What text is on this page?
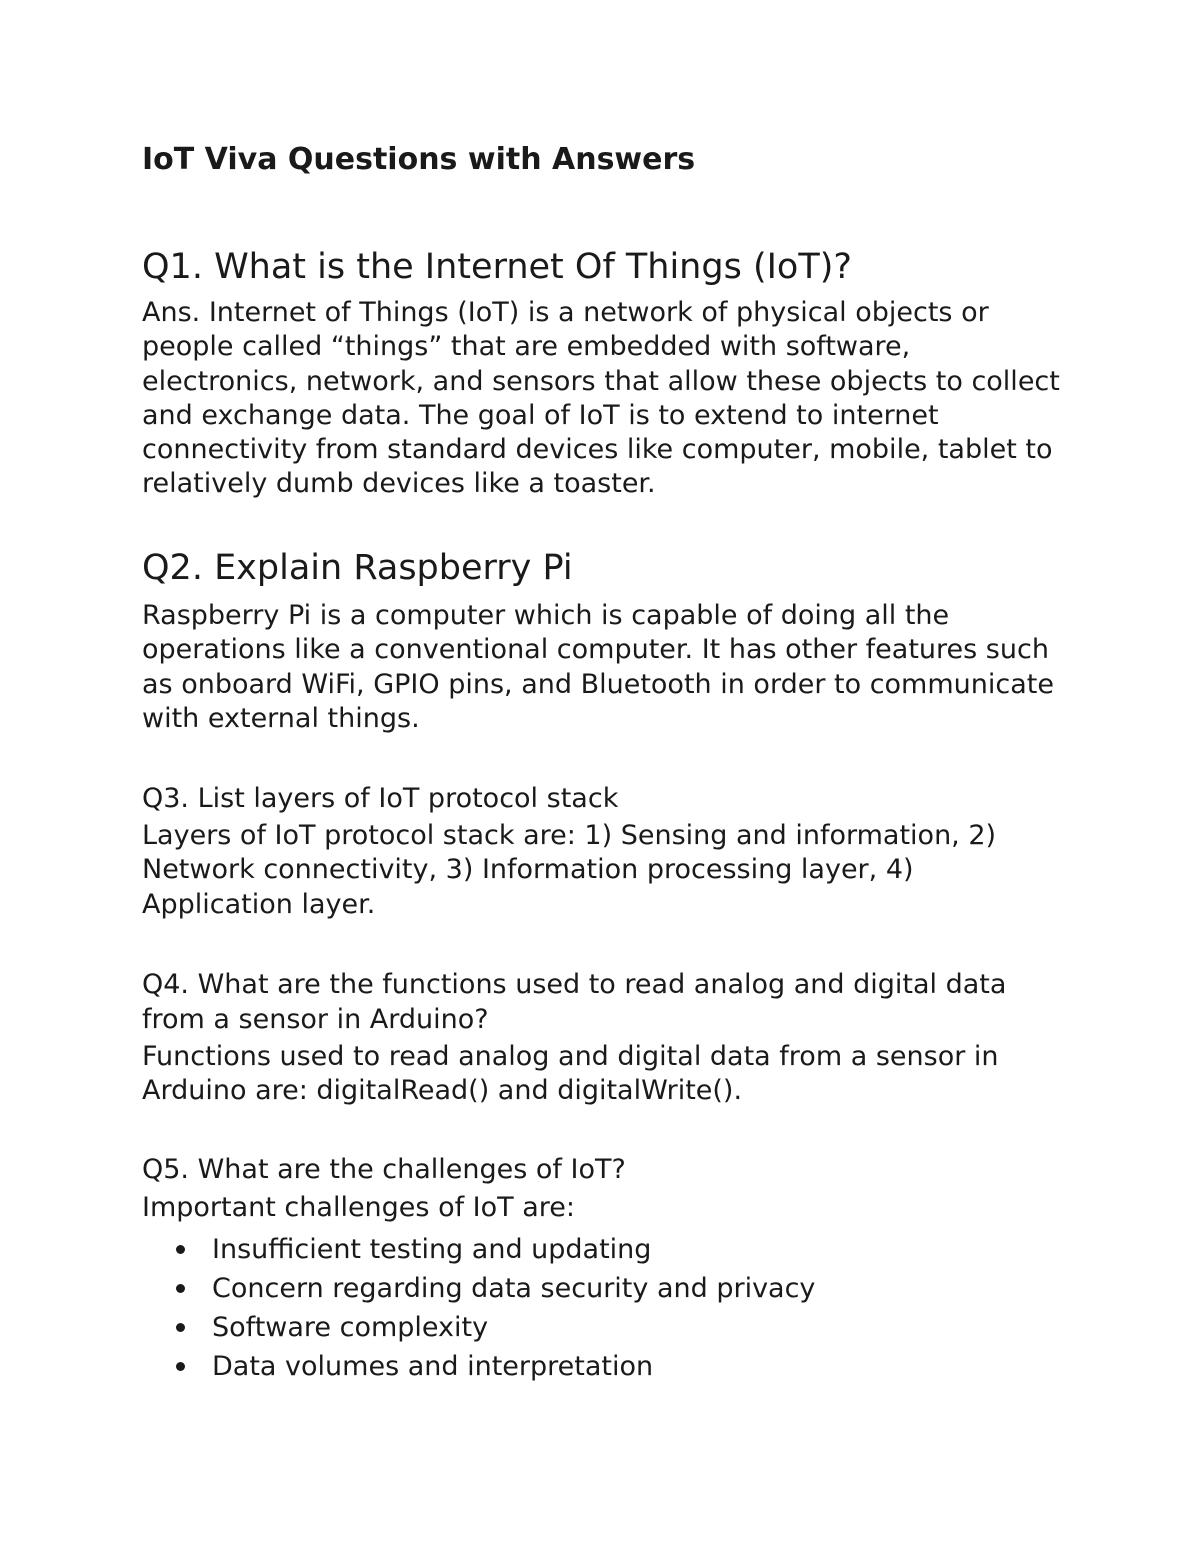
IoT Viva Questions with Answers
Q1. What is the Internet Of Things (IoT)?

Ans. Internet of Things (IoT) is a network of physical objects or people called “things” that are embedded with software, electronics, network, and sensors that allow these objects to collect and exchange data. The goal of IoT is to extend to internet connectivity from standard devices like computer, mobile, tablet to relatively dumb devices like a toaster.

Q2. Explain Raspberry Pi

Raspberry Pi is a computer which is capable of doing all the operations like a conventional computer. It has other features such as onboard WiFi, GPIO pins, and Bluetooth in order to communicate with external things.

Q3. List layers of IoT protocol stack

Layers of IoT protocol stack are: 1) Sensing and information, 2) Network connectivity, 3) Information processing layer, 4) Application layer.

Q4. What are the functions used to read analog and digital data from a sensor in Arduino?

Functions used to read analog and digital data from a sensor in Arduino are: digitalRead() and digitalWrite().

Q5. What are the challenges of IoT?

Important challenges of IoT are:

Insufficient testing and updating
Concern regarding data security and privacy
Software complexity
Data volumes and interpretation
